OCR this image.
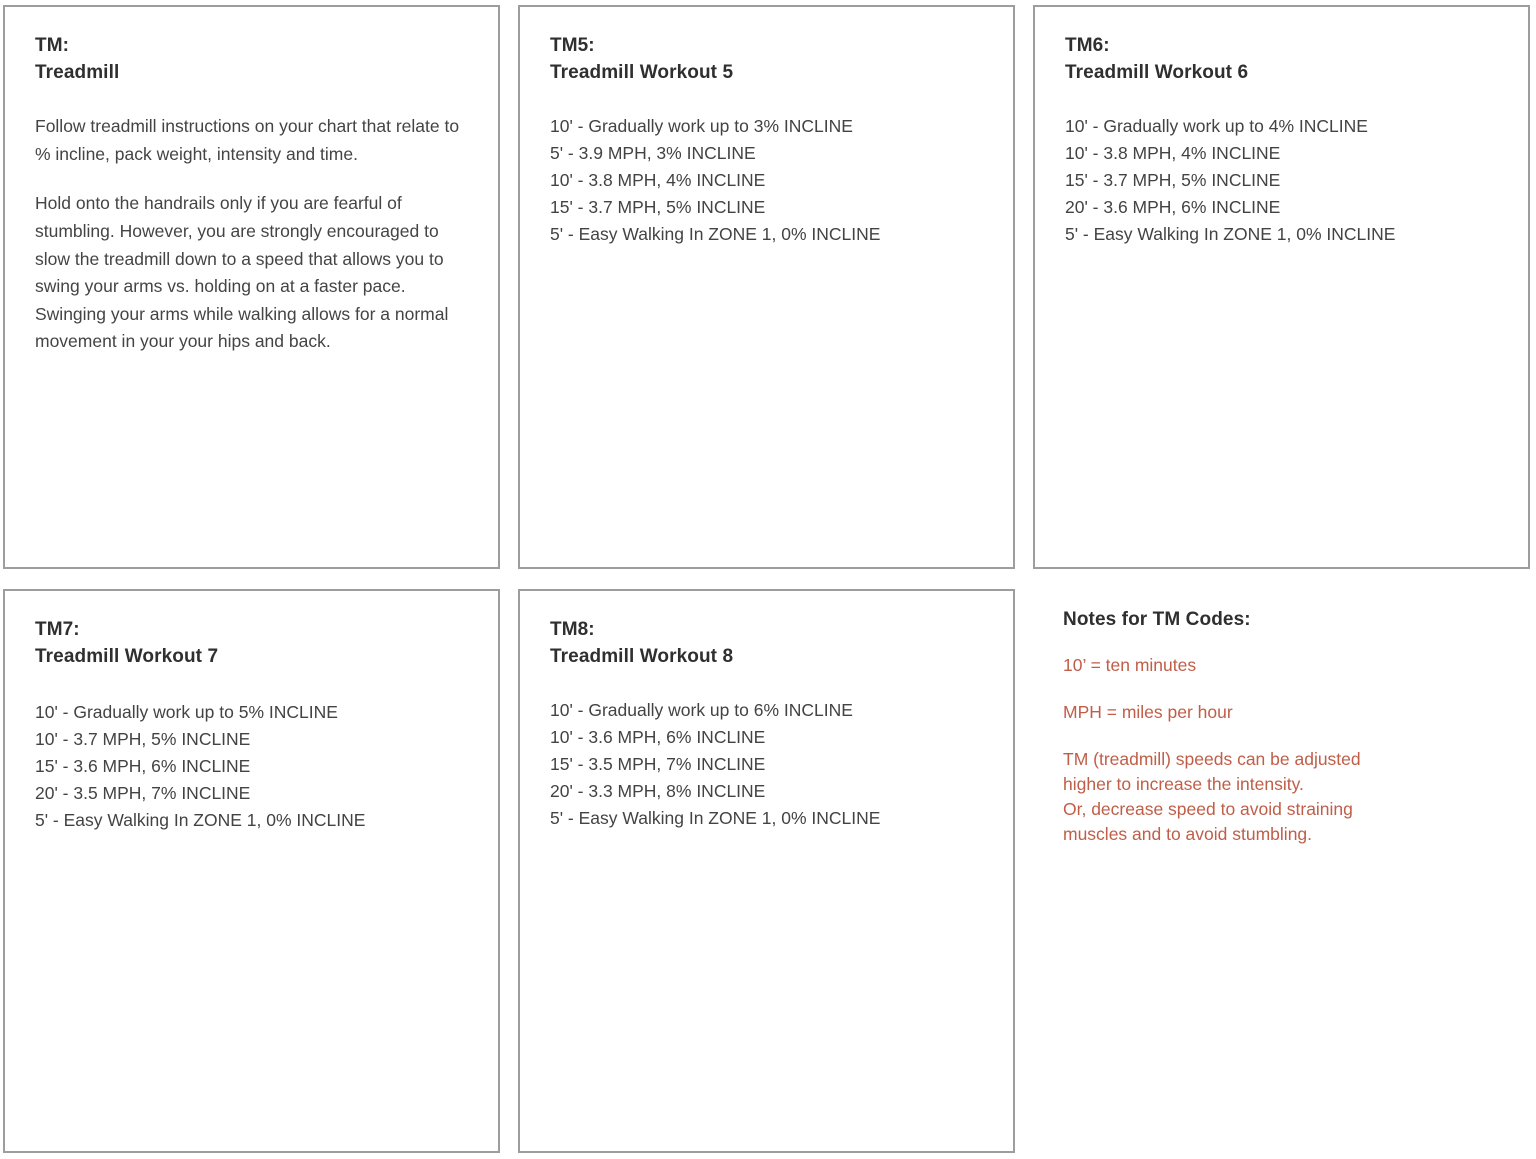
TM:
Treadmill

Follow treadmill instructions on your chart that relate to % incline, pack weight, intensity and time.

Hold onto the handrails only if you are fearful of stumbling. However, you are strongly encouraged to slow the treadmill down to a speed that allows you to swing your arms vs. holding on at a faster pace. Swinging your arms while walking allows for a normal movement in your your hips and back.

TM5:
Treadmill Workout 5
10' - Gradually work up to 3% INCLINE
5' - 3.9 MPH, 3% INCLINE
10' - 3.8 MPH, 4% INCLINE
15' - 3.7 MPH, 5% INCLINE
5' - Easy Walking In ZONE 1, 0% INCLINE
TM6:
Treadmill Workout 6
10' - Gradually work up to 4% INCLINE
10' - 3.8 MPH, 4% INCLINE
15' - 3.7 MPH, 5% INCLINE
20' - 3.6 MPH, 6% INCLINE
5' - Easy Walking In ZONE 1, 0% INCLINE
TM7:
Treadmill Workout 7
10' - Gradually work up to 5% INCLINE
10' - 3.7 MPH, 5% INCLINE
15' - 3.6 MPH, 6% INCLINE
20' - 3.5 MPH, 7% INCLINE
5' - Easy Walking In ZONE 1, 0% INCLINE
TM8:
Treadmill Workout 8
10' - Gradually work up to 6% INCLINE
10' - 3.6 MPH, 6% INCLINE
15' - 3.5 MPH, 7% INCLINE
20' - 3.3 MPH, 8% INCLINE
5' - Easy Walking In ZONE 1, 0% INCLINE
Notes for TM Codes:

10’ = ten minutes

MPH = miles per hour

TM (treadmill) speeds can be adjusted
higher to increase the intensity.
Or, decrease speed to avoid straining
muscles and to avoid stumbling.
